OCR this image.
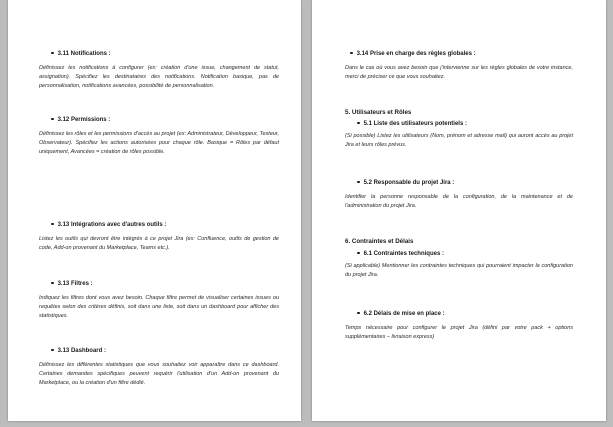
3.11 Notifications :

Définissez les notifications à configurer (ex: création d'une issue, changement de statut, assignation). Spécifiez les destinataires des notifications. Notification basique, pas de personnalisation, notifications avancées, possibilité de personnalisation.

3.12 Permissions :

Définissez les rôles et les permissions d'accès au projet (ex: Administrateur, Développeur, Testeur, Observateur). Spécifiez les actions autorisées pour chaque rôle. Basique = Rôles par défaut uniquement, Avancées = création de rôles possible.

3.13 Intégrations avec d'autres outils :

Listez les outils qui devront être intégrés à ce projet Jira (ex: Confluence, outils de gestion de code, Add-on provenant du Marketplace, Teams etc.).

3.13 Filtres :

Indiquez les filtres dont vous avez besoin. Chaque filtre permet de visualiser certaines issues ou requêtes selon des critères définis, soit dans une liste, soit dans un dashboard pour afficher des statistiques.

3.13 Dashboard :

Définissez les différentes statistiques que vous souhaitez voir apparaître dans ce dashboard. Certaines demandes spécifiques peuvent requérir l'utilisation d'un Add-on provenant du Marketplace, ou la création d'un filtre dédié.

3.14 Prise en charge des règles globales :

Dans le cas où vous avez besoin que j'intervienne sur les règles globales de votre instance, merci de préciser ce que vous souhaitez.

5. Utilisateurs et Rôles
5.1 Liste des utilisateurs potentiels :

(Si possible) Listez les utilisateurs (Nom, prénom et adresse mail) qui auront accès au projet Jira et leurs rôles prévus.

5.2 Responsable du projet Jira :

Identifier la personne responsable de la configuration, de la maintenance et de l'administration du projet Jira.

6. Contraintes et Délais
6.1 Contraintes techniques :

(Si applicable) Mentionner les contraintes techniques qui pourraient impacter la configuration du projet Jira.

6.2 Délais de mise en place :

Temps nécessaire pour configurer le projet Jira (défini par votre pack + options supplémentaires – livraison express)
